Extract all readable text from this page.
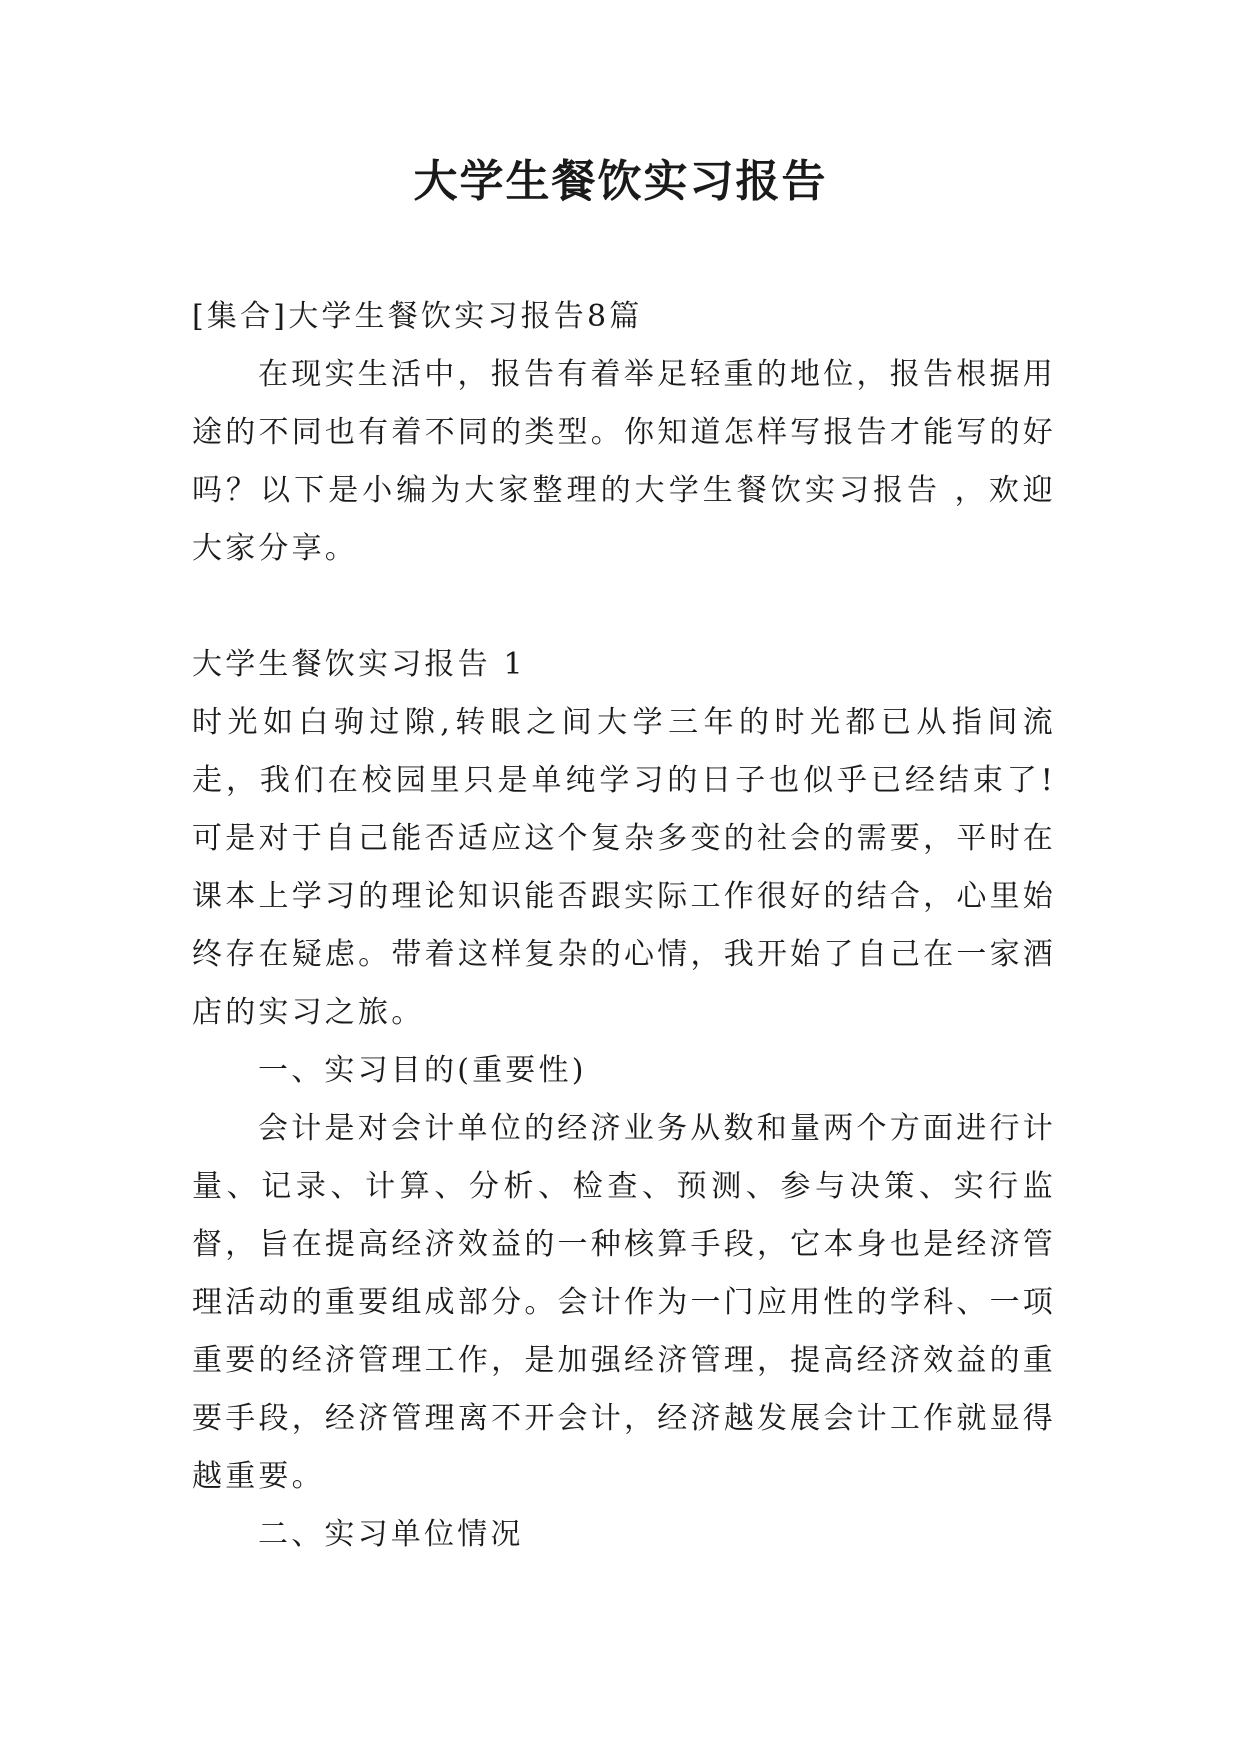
大学生餐饮实习报告

[集合]大学生餐饮实习报告8篇

在现实生活中，报告有着举足轻重的地位，报告根据用途的不同也有着不同的类型。你知道怎样写报告才能写的好吗？以下是小编为大家整理的大学生餐饮实习报告 ，欢迎大家分享。

大学生餐饮实习报告 1

时光如白驹过隙,转眼之间大学三年的时光都已从指间流走，我们在校园里只是单纯学习的日子也似乎已经结束了!可是对于自己能否适应这个复杂多变的社会的需要，平时在课本上学习的理论知识能否跟实际工作很好的结合，心里始终存在疑虑。带着这样复杂的心情，我开始了自己在一家酒店的实习之旅。

一、实习目的(重要性)

会计是对会计单位的经济业务从数和量两个方面进行计量、记录、计算、分析、检查、预测、参与决策、实行监督，旨在提高经济效益的一种核算手段，它本身也是经济管理活动的重要组成部分。会计作为一门应用性的学科、一项重要的经济管理工作，是加强经济管理，提高经济效益的重要手段，经济管理离不开会计，经济越发展会计工作就显得越重要。

二、实习单位情况
